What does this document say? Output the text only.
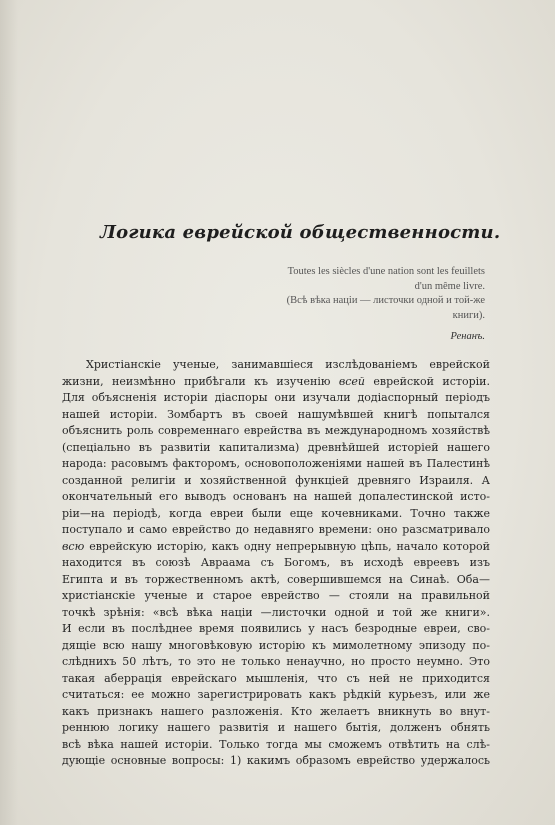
Логика еврейской общественности.
Toutes les siècles d'une nation sont les feuillets
d'un même livre.
(Всѣ вѣка націи — листочки одной и той-же
книги).
Ренанъ.
Христіанскіе ученые, занимавшіеся изслѣдованіемъ еврейской
жизни, неизмѣнно прибѣгали къ изученію всей еврейской исторіи.
Для объясненія исторіи діаспоры они изучали додіаспорный періодъ
нашей исторіи. Зомбартъ въ своей нашумѣвшей книгѣ попытался
объяснить роль современнаго еврейства въ международномъ хозяйствѣ
(спеціально въ развитіи капитализма) древнѣйшей исторіей нашего
народа: расовымъ факторомъ, основоположеніями нашей въ Палестинѣ
созданной религіи и хозяйственной функціей древняго Израиля. А
окончательный его выводъ основанъ на нашей допалестинской исто-
ріи—на періодѣ, когда евреи были еще кочевниками. Точно также
поступало и само еврейство до недавняго времени: оно разсматривало
всю еврейскую исторію, какъ одну непрерывную цѣпь, начало которой
находится въ союзѣ Авраама съ Богомъ, въ исходѣ евреевъ изъ
Египта и въ торжественномъ актѣ, совершившемся на Синаѣ. Оба—
христіанскіе ученые и старое еврейство — стояли на правильной
точкѣ зрѣнія: «всѣ вѣка націи —листочки одной и той же книги».
И если въ послѣднее время появились у насъ безродные евреи, сво-
дящіе всю нашу многовѣковую исторію къ мимолетному эпизоду по-
слѣднихъ 50 лѣтъ, то это не только ненаучно, но просто неумно. Это
такая аберрація еврейскаго мышленія, что съ ней не приходится
считаться: ее можно зарегистрировать какъ рѣдкій курьезъ, или же
какъ признакъ нашего разложенія. Кто желаетъ вникнуть во внут-
реннюю логику нашего развитія и нашего бытія, долженъ обнять
всѣ вѣка нашей исторіи. Только тогда мы сможемъ отвѣтить на слѣ-
дующіе основные вопросы: 1) какимъ образомъ еврейство удержалось
